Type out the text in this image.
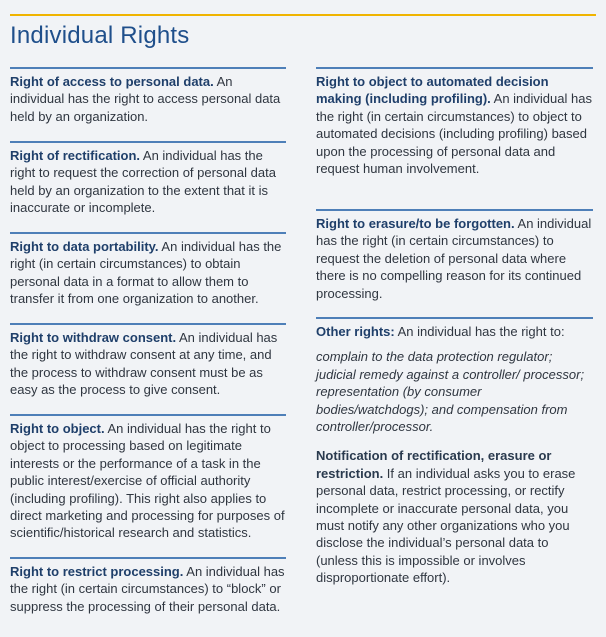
Individual Rights

Right of access to personal data. An individual has the right to access personal data held by an organization.

Right of rectification. An individual has the right to request the correction of personal data held by an organization to the extent that it is inaccurate or incomplete.

Right to data portability. An individual has the right (in certain circumstances) to obtain personal data in a format to allow them to transfer it from one organization to another.

Right to withdraw consent. An individual has the right to withdraw consent at any time, and the process to withdraw consent must be as easy as the process to give consent.

Right to object. An individual has the right to object to processing based on legitimate interests or the performance of a task in the public interest/exercise of official authority (including profiling). This right also applies to direct marketing and processing for purposes of scientific/historical research and statistics.

Right to restrict processing. An individual has the right (in certain circumstances) to “block” or suppress the processing of their personal data.

Right to object to automated decision making (including profiling). An individual has the right (in certain circumstances) to object to automated decisions (including profiling) based upon the processing of personal data and request human involvement.

Right to erasure/to be forgotten. An individual has the right (in certain circumstances) to request the deletion of personal data where there is no compelling reason for its continued processing.

Other rights: An individual has the right to:

complain to the data protection regulator; judicial remedy against a controller/ processor; representation (by consumer bodies/watchdogs); and compensation from controller/processor.

Notification of rectification, erasure or restriction. If an individual asks you to erase personal data, restrict processing, or rectify incomplete or inaccurate personal data, you must notify any other organizations who you disclose the individual’s personal data to (unless this is impossible or involves disproportionate effort).
